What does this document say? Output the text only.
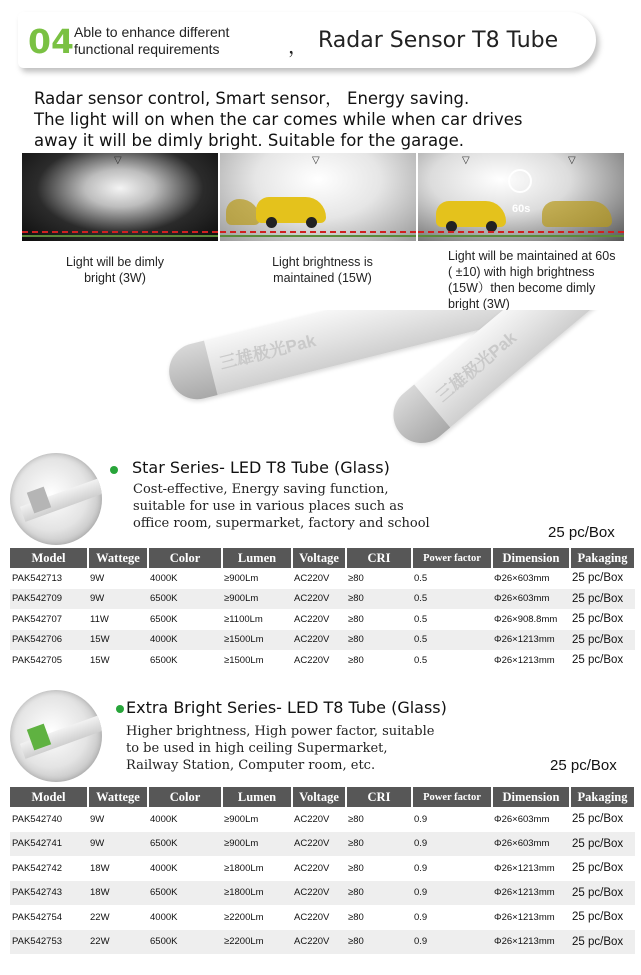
04 Able to enhance different
functional requirements	， Radar Sensor T8 Tube
Radar sensor control, Smart sensor， Energy saving.
The light will on when the car comes while when car drives
away it will be dimly bright. Suitable for the garage.
▽	▽	▽	▽
60s
Light will be dimly bright (3W)
Light brightness is maintained (15W)
Light will be maintained at 60s ( ±10) with high brightness (15W）then become dimly bright (3W)
三雄极光Pak	三雄极光Pak
Star Series- LED T8 Tube (Glass)
Cost-effective, Energy saving function,
suitable for use in various places such as
office room, supermarket, factory and school
25 pc/Box
Model	Wattege	Color	Lumen	Voltage	CRI	Power factor	Dimension	Pakaging
PAK542713	9W	4000K	≥900Lm	AC220V	≥80	0.5	Φ26×603mm	25 pc/Box
PAK542709	9W	6500K	≥900Lm	AC220V	≥80	0.5	Φ26×603mm	25 pc/Box
PAK542707	11W	6500K	≥1100Lm	AC220V	≥80	0.5	Φ26×908.8mm	25 pc/Box
PAK542706	15W	4000K	≥1500Lm	AC220V	≥80	0.5	Φ26×1213mm	25 pc/Box
PAK542705	15W	6500K	≥1500Lm	AC220V	≥80	0.5	Φ26×1213mm	25 pc/Box
Extra Bright Series- LED T8 Tube (Glass)
Higher brightness, High power factor, suitable
to be used in high ceiling Supermarket,
Railway Station, Computer room, etc.	25 pc/Box
Model	Wattege	Color	Lumen	Voltage	CRI	Power factor	Dimension	Pakaging
PAK542740	9W	4000K	≥900Lm	AC220V	≥80	0.9	Φ26×603mm	25 pc/Box
PAK542741	9W	6500K	≥900Lm	AC220V	≥80	0.9	Φ26×603mm	25 pc/Box
PAK542742	18W	4000K	≥1800Lm	AC220V	≥80	0.9	Φ26×1213mm	25 pc/Box
PAK542743	18W	6500K	≥1800Lm	AC220V	≥80	0.9	Φ26×1213mm	25 pc/Box
PAK542754	22W	4000K	≥2200Lm	AC220V	≥80	0.9	Φ26×1213mm	25 pc/Box
PAK542753	22W	6500K	≥2200Lm	AC220V	≥80	0.9	Φ26×1213mm	25 pc/Box
